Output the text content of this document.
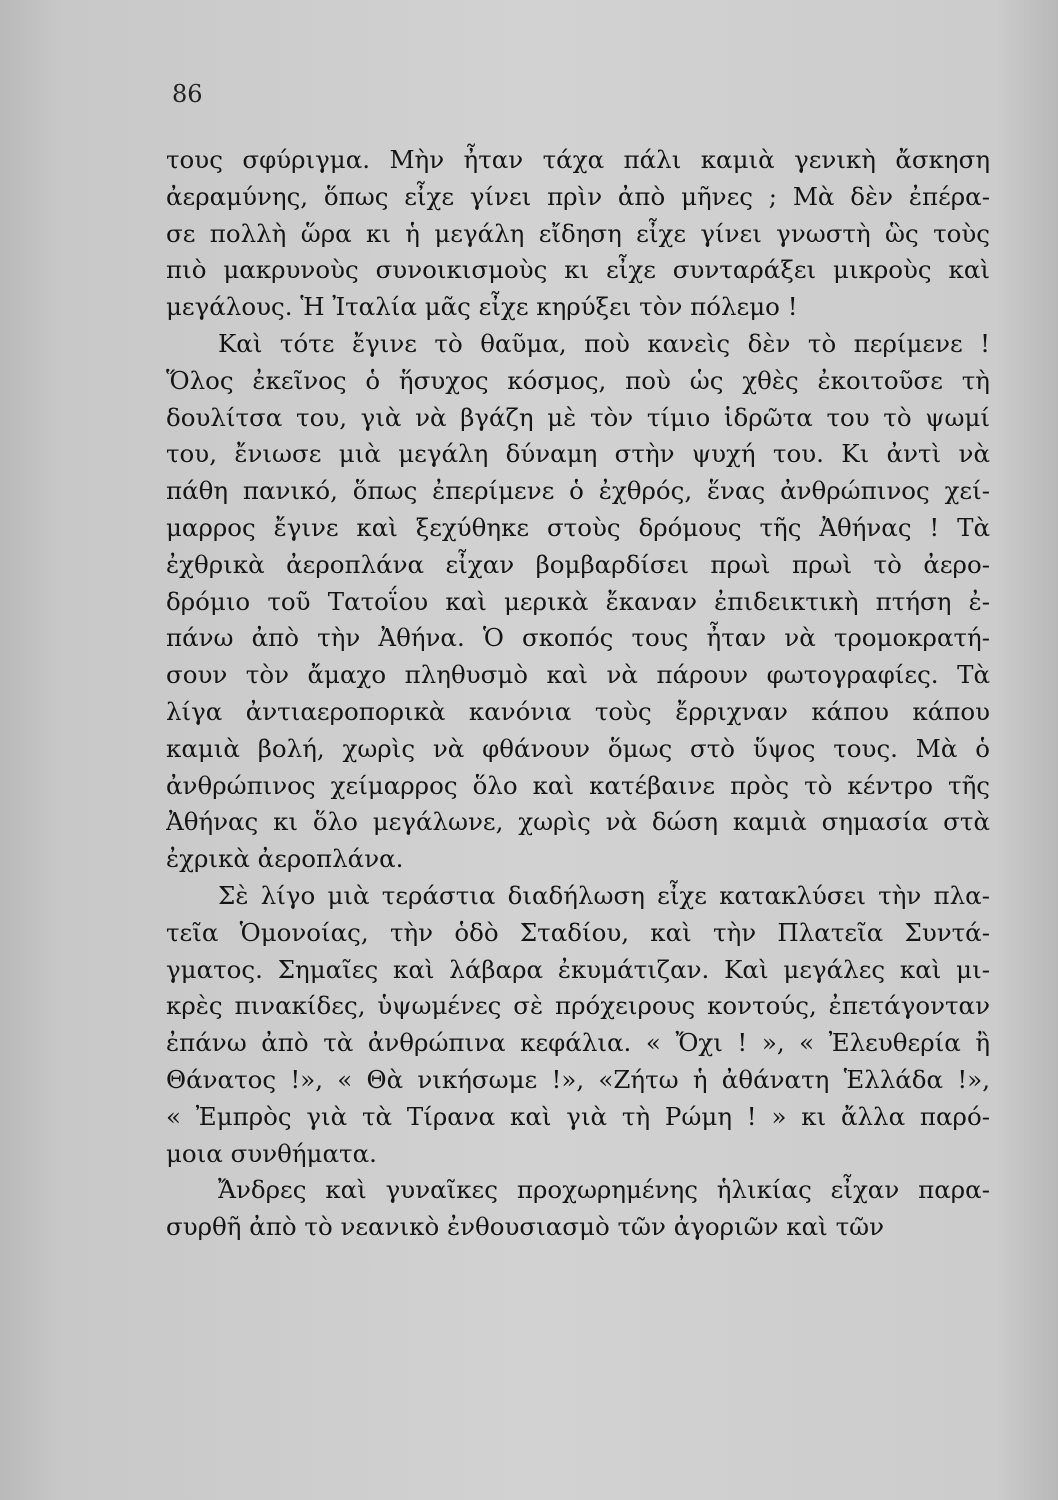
86
τους σφύριγμα. Μὴν ἦταν τάχα πάλι καμιὰ γενικὴ ἄσκηση
ἀεραμύνης, ὅπως εἶχε γίνει πρὶν ἀπὸ μῆνες ; Μὰ δὲν ἐπέρα-
σε πολλὴ ὥρα κι ἡ μεγάλη εἴδηση εἶχε γίνει γνωστὴ ὣς τοὺς
πιὸ μακρυνοὺς συνοικισμοὺς κι εἶχε συνταράξει μικροὺς καὶ
μεγάλους. Ἡ Ἰταλία μᾶς εἶχε κηρύξει τὸν πόλεμο !
Καὶ τότε ἔγινε τὸ θαῦμα, ποὺ κανεὶς δὲν τὸ περίμενε !
Ὅλος ἐκεῖνος ὁ ἥσυχος κόσμος, ποὺ ὡς χθὲς ἐκοιτοῦσε τὴ
δουλίτσα του, γιὰ νὰ βγάζη μὲ τὸν τίμιο ἱδρῶτα του τὸ ψωμί
του, ἔνιωσε μιὰ μεγάλη δύναμη στὴν ψυχή του. Κι ἀντὶ νὰ
πάθη πανικό, ὅπως ἐπερίμενε ὁ ἐχθρός, ἕνας ἀνθρώπινος χεί-
μαρρος ἔγινε καὶ ξεχύθηκε στοὺς δρόμους τῆς Ἀθήνας ! Τὰ
ἐχθρικὰ ἀεροπλάνα εἶχαν βομβαρδίσει πρωὶ πρωὶ τὸ ἀερο-
δρόμιο τοῦ Τατοΐου καὶ μερικὰ ἔκαναν ἐπιδεικτικὴ πτήση ἐ-
πάνω ἀπὸ τὴν Ἀθήνα. Ὁ σκοπός τους ἦταν νὰ τρομοκρατή-
σουν τὸν ἄμαχο πληθυσμὸ καὶ νὰ πάρουν φωτογραφίες. Τὰ
λίγα ἀντιαεροπορικὰ κανόνια τοὺς ἔρριχναν κάπου κάπου
καμιὰ βολή, χωρὶς νὰ φθάνουν ὅμως στὸ ὕψος τους. Μὰ ὁ
ἀνθρώπινος χείμαρρος ὅλο καὶ κατέβαινε πρὸς τὸ κέντρο τῆς
Ἀθήνας κι ὅλο μεγάλωνε, χωρὶς νὰ δώση καμιὰ σημασία στὰ
ἐχρικὰ ἀεροπλάνα.
Σὲ λίγο μιὰ τεράστια διαδήλωση εἶχε κατακλύσει τὴν πλα-
τεῖα Ὁμονοίας, τὴν ὁδὸ Σταδίου, καὶ τὴν Πλατεῖα Συντά-
γματος. Σημαῖες καὶ λάβαρα ἐκυμάτιζαν. Καὶ μεγάλες καὶ μι-
κρὲς πινακίδες, ὑψωμένες σὲ πρόχειρους κοντούς, ἐπετάγονταν
ἐπάνω ἀπὸ τὰ ἀνθρώπινα κεφάλια. « Ὄχι ! », « Ἐλευθερία ἢ
Θάνατος !», « Θὰ νικήσωμε !», «Ζήτω ἡ ἀθάνατη Ἑλλάδα !»,
« Ἐμπρὸς γιὰ τὰ Τίρανα καὶ γιὰ τὴ Ρώμη ! » κι ἄλλα παρό-
μοια συνθήματα.
Ἄνδρες καὶ γυναῖκες προχωρημένης ἡλικίας εἶχαν παρα-
συρθῆ ἀπὸ τὸ νεανικὸ ἐνθουσιασμὸ τῶν ἀγοριῶν καὶ τῶν
